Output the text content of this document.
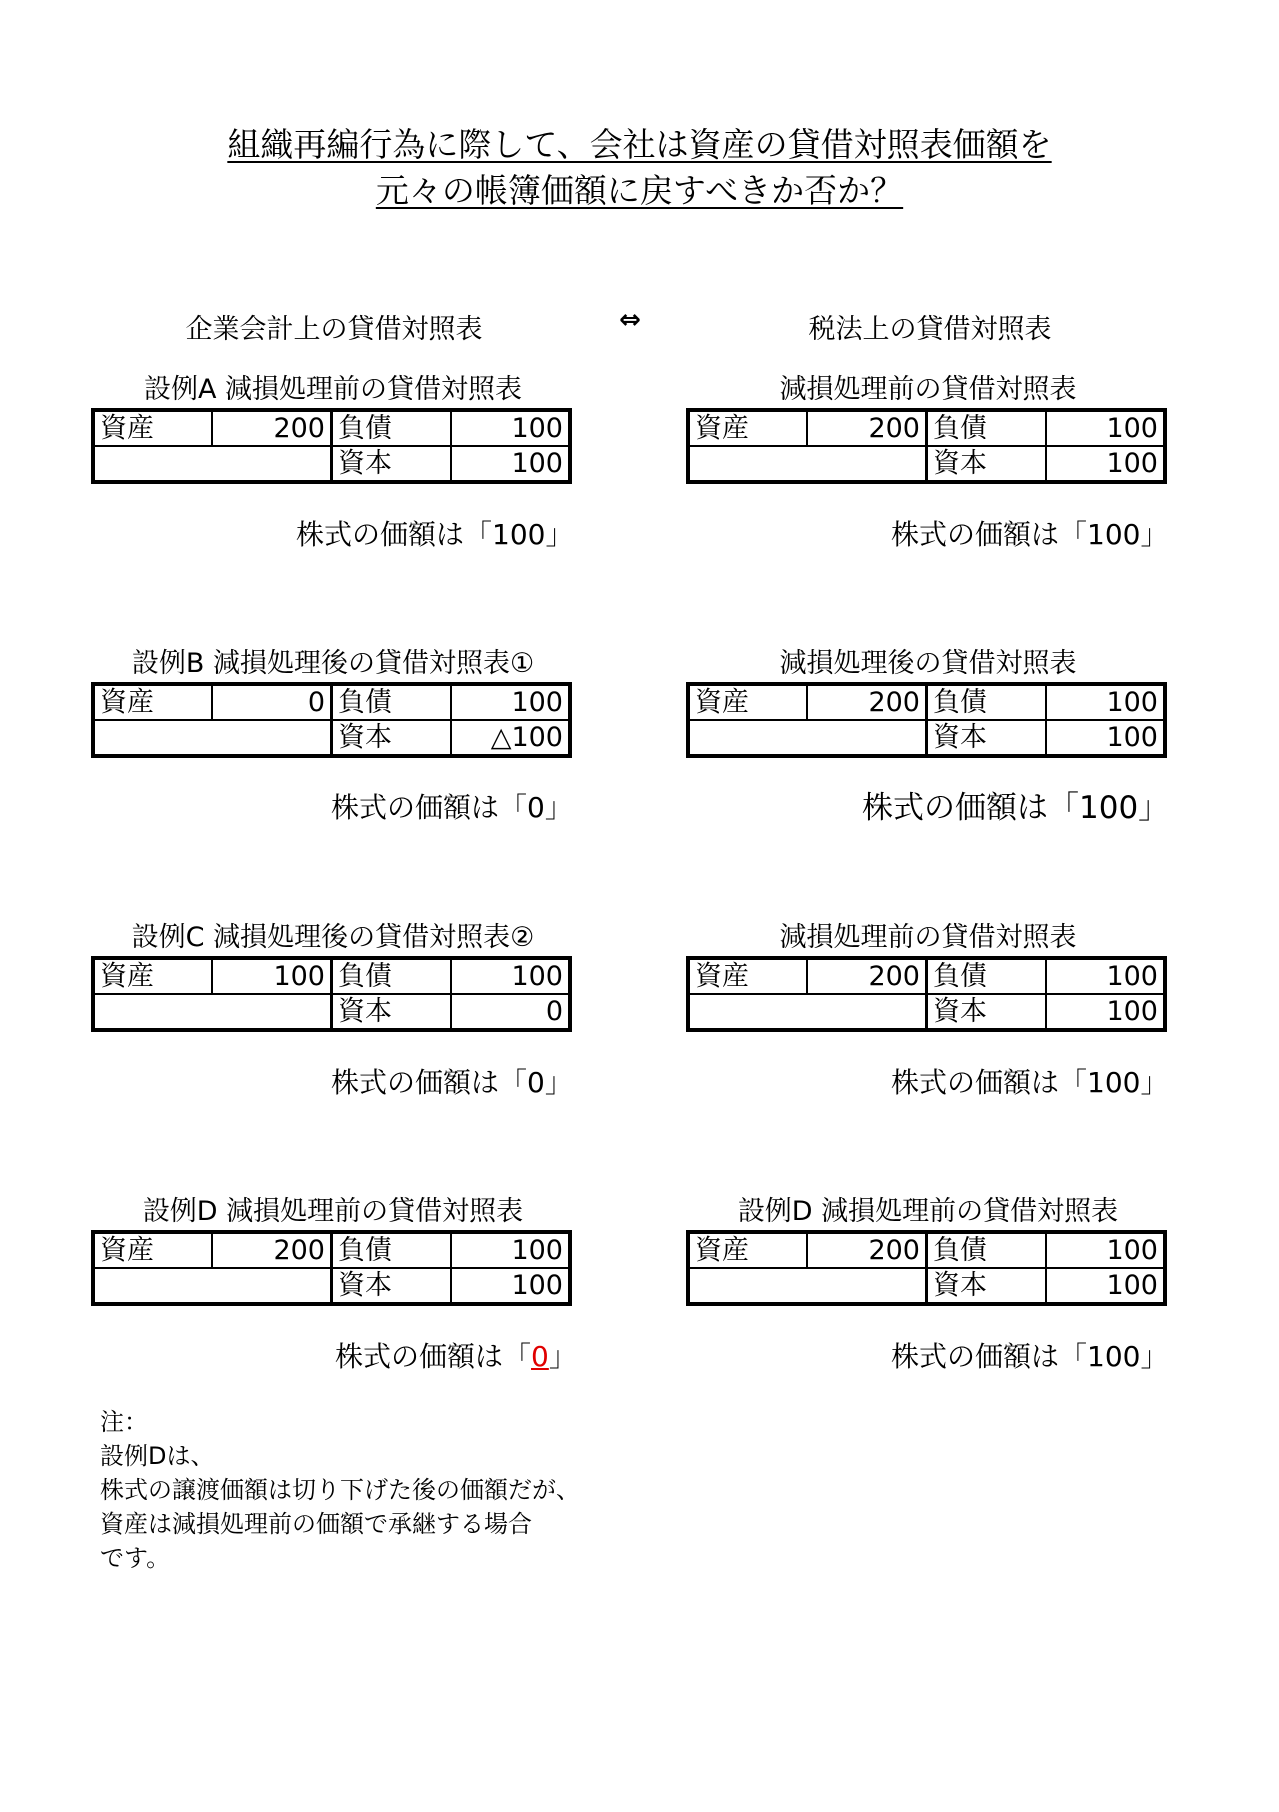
組織再編行為に際して、会社は資産の貸借対照表価額を
元々の帳簿価額に戻すべきか否か？
企業会計上の貸借対照表	⇔	税法上の貸借対照表
設例A 減損処理前の貸借対照表
資産	200	負債	100
		資本	100
株式の価額は「100」
減損処理前の貸借対照表
資産	200	負債	100
		資本	100
株式の価額は「100」
設例B 減損処理後の貸借対照表①
資産	0	負債	100
		資本	△100
株式の価額は「0」
減損処理後の貸借対照表
資産	200	負債	100
		資本	100
株式の価額は「100」
設例C 減損処理後の貸借対照表②
資産	100	負債	100
		資本	0
株式の価額は「0」
減損処理前の貸借対照表
資産	200	負債	100
		資本	100
株式の価額は「100」
設例D 減損処理前の貸借対照表
資産	200	負債	100
		資本	100
株式の価額は「0」
設例D 減損処理前の貸借対照表
資産	200	負債	100
		資本	100
株式の価額は「100」
注：
設例Dは、
株式の譲渡価額は切り下げた後の価額だが、
資産は減損処理前の価額で承継する場合
です。
